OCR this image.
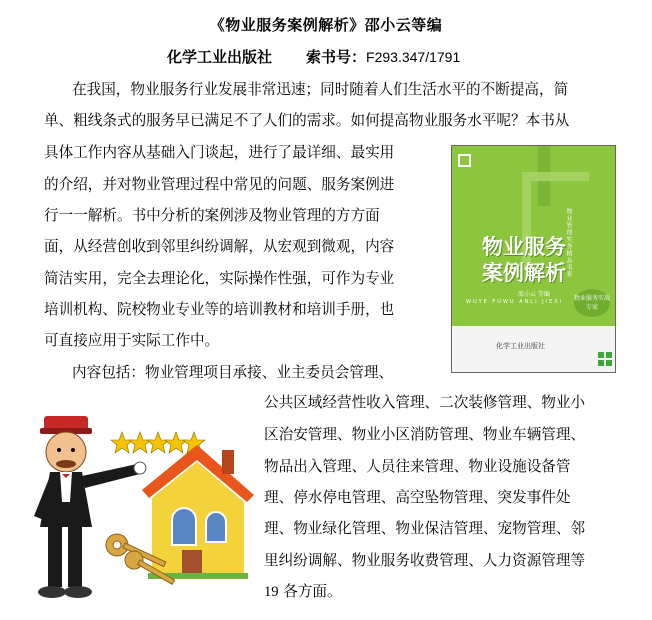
《物业服务案例解析》邵小云等编
化学工业出版社 索书号：F293.347/1791
在我国，物业服务行业发展非常迅速；同时随着人们生活水平的不断提高，简
单、粗线条式的服务早已满足不了人们的需求。如何提高物业服务水平呢？本书从
具体工作内容从基础入门谈起，进行了最详细、最实用
的介绍，并对物业管理过程中常见的问题、服务案例进
行一一解析。书中分析的案例涉及物业管理的方方面
面，从经营创收到邻里纠纷调解，从宏观到微观，内容
简洁实用，完全去理论化，实际操作性强，可作为专业
培训机构、院校物业专业等的培训教材和培训手册，也
可直接应用于实际工作中。
内容包括：物业管理项目承接、业主委员会管理、
公共区域经营性收入管理、二次装修管理、物业小
区治安管理、物业小区消防管理、物业车辆管理、
物品出入管理、人员往来管理、物业设施设备管
理、停水停电管理、高空坠物管理、突发事件处
理、物业绿化管理、物业保洁管理、宠物管理、邻
里纠纷调解、物业服务收费管理、人力资源管理等
19 各方面。
物业管理实务精品书系
物业服务
案例解析
邵小云 等编
WUYE FUWU ANLI JIEXI 物业服务实战专家
化学工业出版社
